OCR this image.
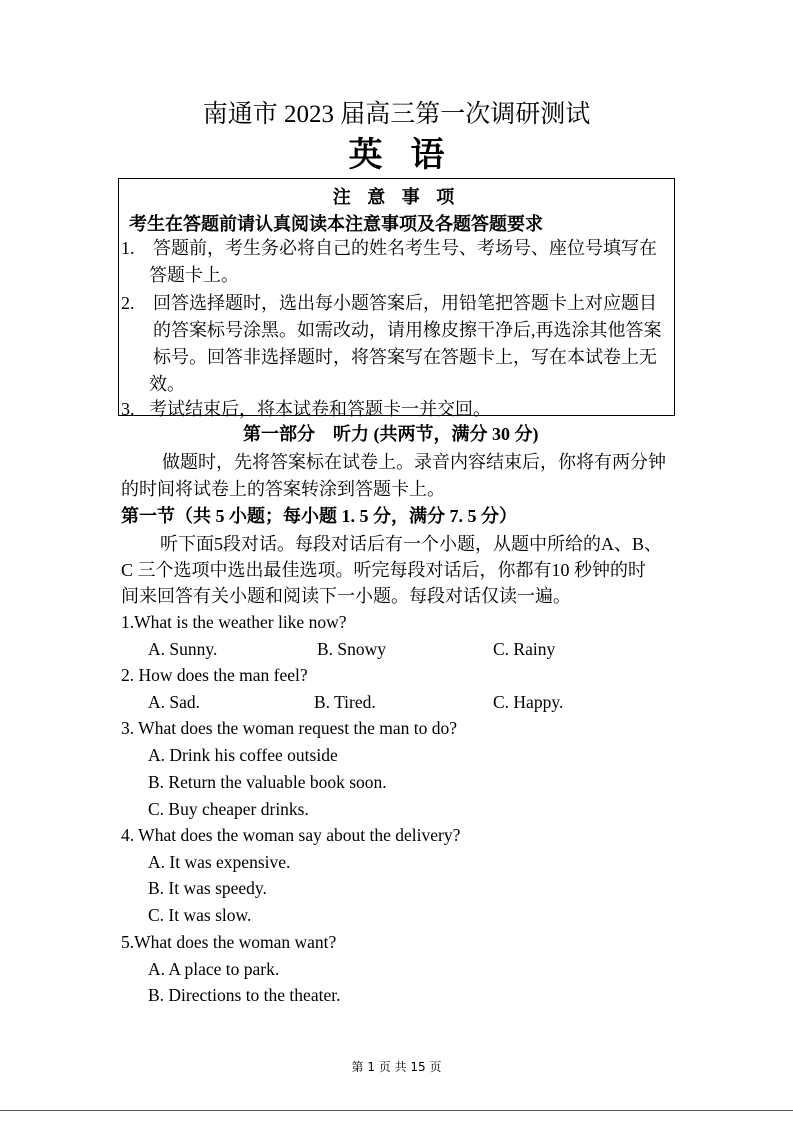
南通市 2023 届高三第一次调研测试
英语
注 意 事 项
考生在答题前请认真阅读本注意事项及各题答题要求
1. 答题前，考生务必将自己的姓名考生号、考场号、座位号填写在
答题卡上。
2. 回答选择题时，选出每小题答案后，用铅笔把答题卡上对应题目
的答案标号涂黑。如需改动，请用橡皮擦干净后,再选涂其他答案
标号。回答非选择题时，将答案写在答题卡上，写在本试卷上无
效。
3. 考试结束后，将本试卷和答题卡一并交回。
第一部分　听力 (共两节，满分 30 分)
做题时，先将答案标在试卷上。录音内容结束后，你将有两分钟
的时间将试卷上的答案转涂到答题卡上。
第一节（共 5 小题；每小题 1. 5 分，满分 7. 5 分）
听下面5段对话。每段对话后有一个小题，从题中所给的A、B、
C 三个选项中选出最佳选项。听完每段对话后，你都有10 秒钟的时
间来回答有关小题和阅读下一小题。每段对话仅读一遍。
1.What is the weather like now?
A. Sunny.	B. Snowy	C. Rainy
2. How does the man feel?
A. Sad.	B. Tired.	C. Happy.
3. What does the woman request the man to do?
A. Drink his coffee outside
B. Return the valuable book soon.
C. Buy cheaper drinks.
4. What does the woman say about the delivery?
A. It was expensive.
B. It was speedy.
C. It was slow.
5.What does the woman want?
A. A place to park.
B. Directions to the theater.
第 1 页 共 15 页
